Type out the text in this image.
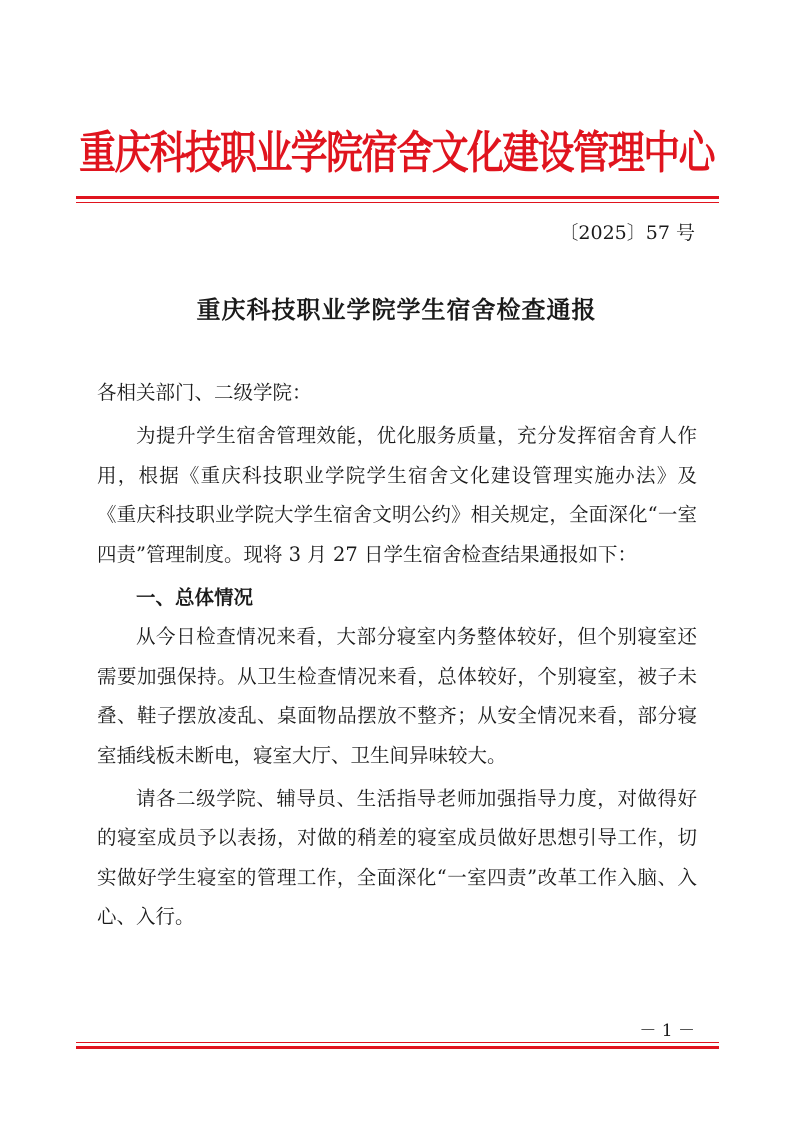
重庆科技职业学院宿舍文化建设管理中心
〔2025〕57 号
重庆科技职业学院学生宿舍检查通报

各相关部门、二级学院：

为提升学生宿舍管理效能，优化服务质量，充分发挥宿舍育人作用，根据《重庆科技职业学院学生宿舍文化建设管理实施办法》及《重庆科技职业学院大学生宿舍文明公约》相关规定，全面深化“一室四责”管理制度。现将 3 月 27 日学生宿舍检查结果通报如下：

一、总体情况

从今日检查情况来看，大部分寝室内务整体较好，但个别寝室还需要加强保持。从卫生检查情况来看，总体较好，个别寝室，被子未叠、鞋子摆放凌乱、桌面物品摆放不整齐；从安全情况来看，部分寝室插线板未断电，寝室大厅、卫生间异味较大。

请各二级学院、辅导员、生活指导老师加强指导力度，对做得好的寝室成员予以表扬，对做的稍差的寝室成员做好思想引导工作，切实做好学生寝室的管理工作，全面深化“一室四责”改革工作入脑、入心、入行。

－ 1 －
